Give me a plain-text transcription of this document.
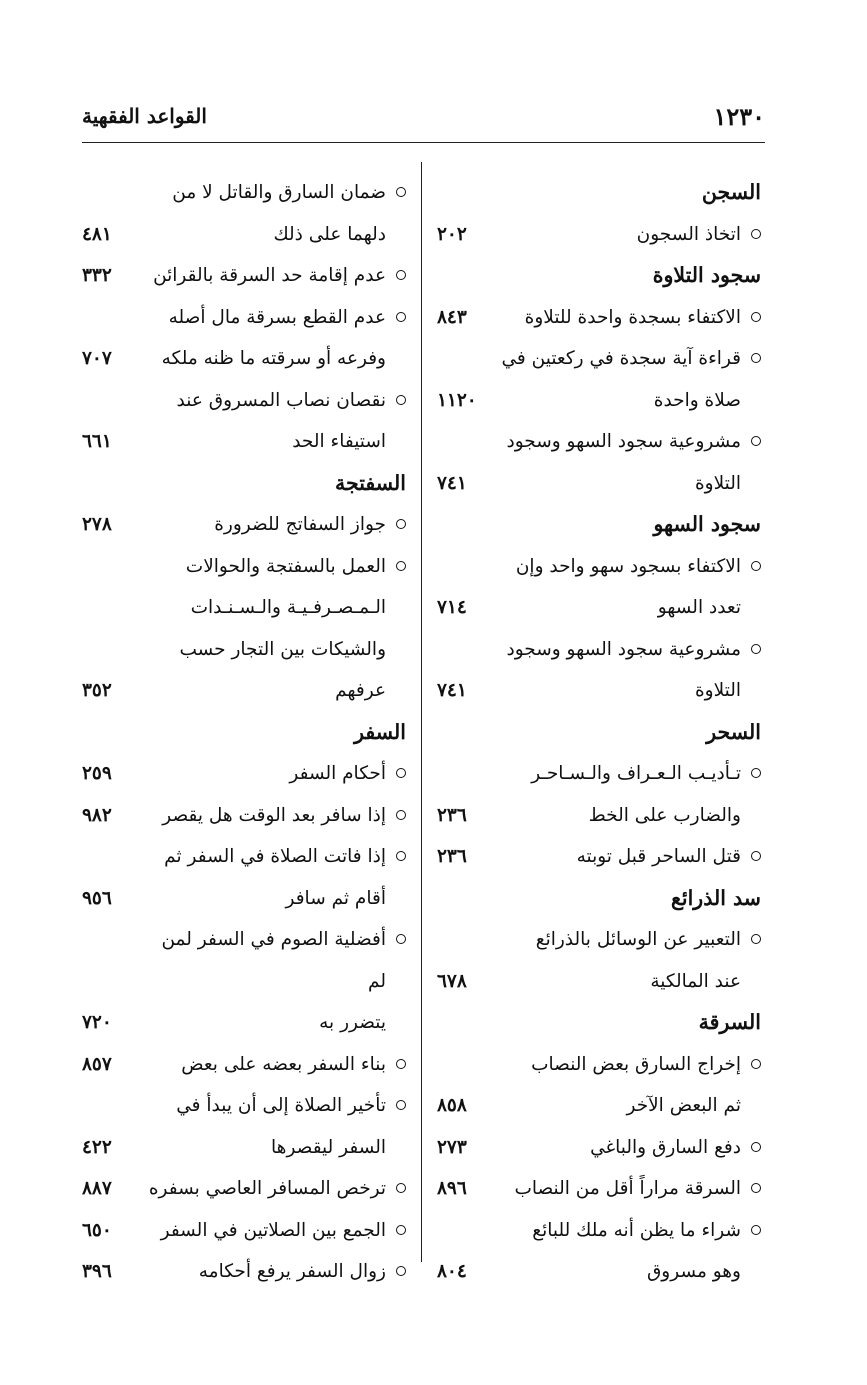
القواعد الفقهية	١٢٣٠
السجن
اتخاذ السجون
٢٠٢
سجود التلاوة
الاكتفاء بسجدة واحدة للتلاوة
٨٤٣
قراءة آية سجدة في ركعتين في
صلاة واحدة
١١٢٠
مشروعية سجود السهو وسجود
التلاوة
٧٤١
سجود السهو
الاكتفاء بسجود سهو واحد وإن
تعدد السهو
٧١٤
مشروعية سجود السهو وسجود
التلاوة
٧٤١
السحر
تـأديـب الـعـراف والـسـاحـر
والضارب على الخط
٢٣٦
قتل الساحر قبل توبته
٢٣٦
سد الذرائع
التعبير عن الوسائل بالذرائع
عند المالكية
٦٧٨
السرقة
إخراج السارق بعض النصاب
ثم البعض الآخر
٨٥٨
دفع السارق والباغي
٢٧٣
السرقة مراراً أقل من النصاب
٨٩٦
شراء ما يظن أنه ملك للبائع
وهو مسروق
٨٠٤
ضمان السارق والقاتل لا من
دلهما على ذلك
٤٨١
عدم إقامة حد السرقة بالقرائن
٣٣٢
عدم القطع بسرقة مال أصله
وفرعه أو سرقته ما ظنه ملكه
٧٠٧
نقصان نصاب المسروق عند
استيفاء الحد
٦٦١
السفتجة
جواز السفاتج للضرورة
٢٧٨
العمل بالسفتجة والحوالات
الـمـصـرفـيـة والـسـنـدات
والشيكات بين التجار حسب
عرفهم
٣٥٢
السفر
أحكام السفر
٢٥٩
إذا سافر بعد الوقت هل يقصر
٩٨٢
إذا فاتت الصلاة في السفر ثم
أقام ثم سافر
٩٥٦
أفضلية الصوم في السفر لمن لم
يتضرر به
٧٢٠
بناء السفر بعضه على بعض
٨٥٧
تأخير الصلاة إلى أن يبدأ في
السفر ليقصرها
٤٢٢
ترخص المسافر العاصي بسفره
٨٨٧
الجمع بين الصلاتين في السفر
٦٥٠
زوال السفر يرفع أحكامه
٣٩٦
